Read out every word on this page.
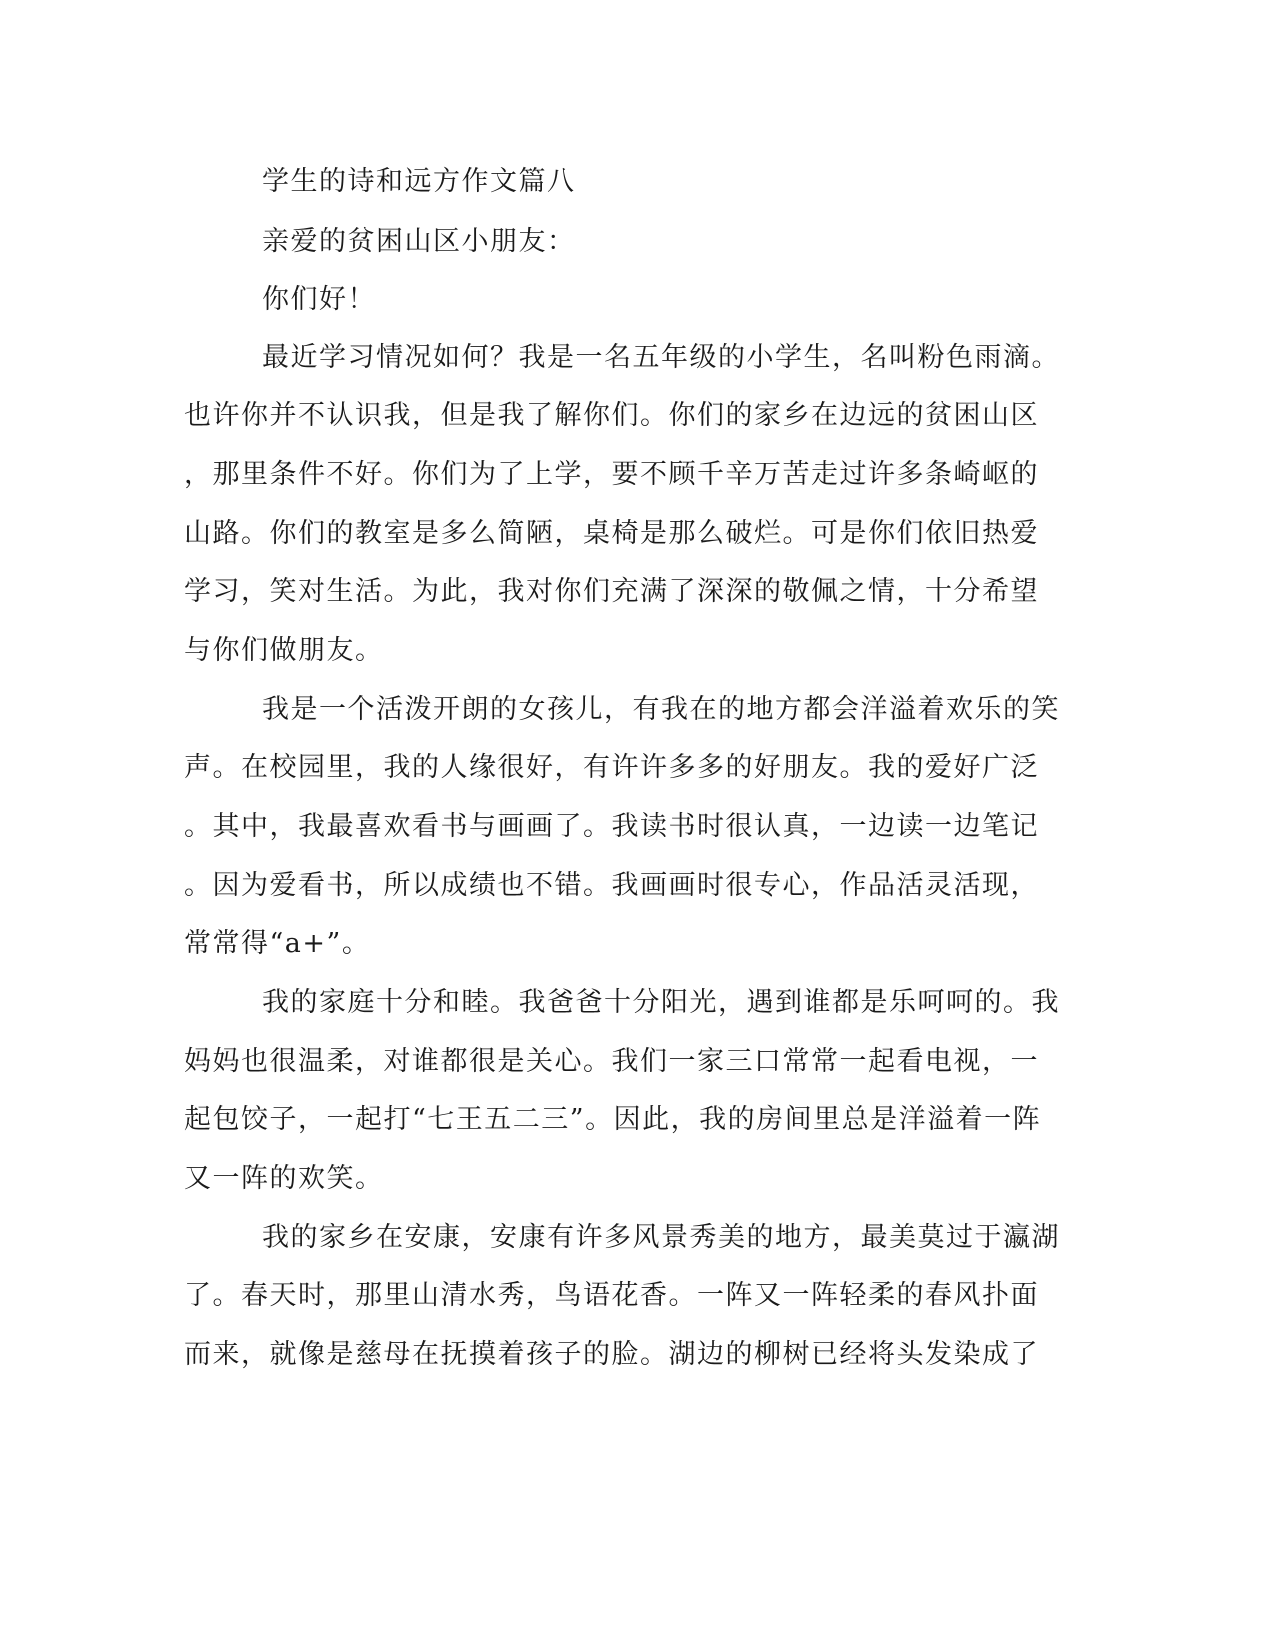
学生的诗和远方作文篇八
亲爱的贫困山区小朋友：
你们好！
最近学习情况如何？我是一名五年级的小学生，名叫粉色雨滴。
也许你并不认识我，但是我了解你们。你们的家乡在边远的贫困山区
，那里条件不好。你们为了上学，要不顾千辛万苦走过许多条崎岖的
山路。你们的教室是多么简陋，桌椅是那么破烂。可是你们依旧热爱
学习，笑对生活。为此，我对你们充满了深深的敬佩之情，十分希望
与你们做朋友。
我是一个活泼开朗的女孩儿，有我在的地方都会洋溢着欢乐的笑
声。在校园里，我的人缘很好，有许许多多的好朋友。我的爱好广泛
。其中，我最喜欢看书与画画了。我读书时很认真，一边读一边笔记
。因为爱看书，所以成绩也不错。我画画时很专心，作品活灵活现，
常常得“a+”。
我的家庭十分和睦。我爸爸十分阳光，遇到谁都是乐呵呵的。我
妈妈也很温柔，对谁都很是关心。我们一家三口常常一起看电视，一
起包饺子，一起打“七王五二三”。因此，我的房间里总是洋溢着一阵
又一阵的欢笑。
我的家乡在安康，安康有许多风景秀美的地方，最美莫过于瀛湖
了。春天时，那里山清水秀，鸟语花香。一阵又一阵轻柔的春风扑面
而来，就像是慈母在抚摸着孩子的脸。湖边的柳树已经将头发染成了
